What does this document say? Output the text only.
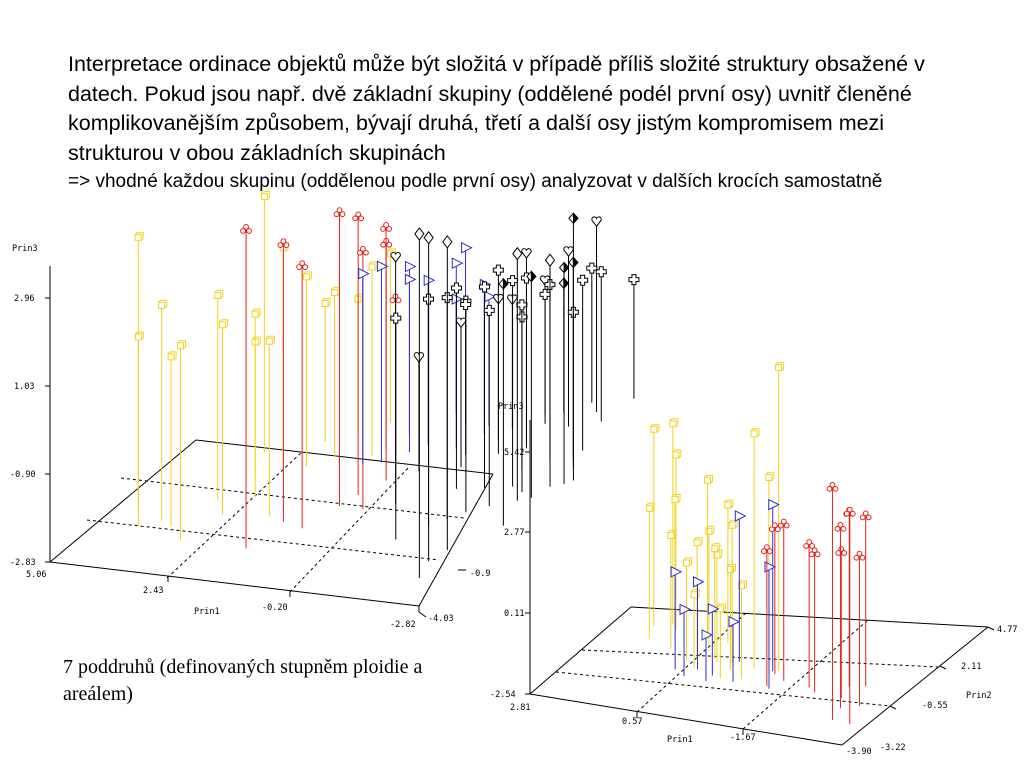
Interpretace ordinace objektů může být složitá v případě příliš složité struktury obsažené v datech. Pokud jsou např. dvě základní skupiny (oddělené podél první osy) uvnitř členěné komplikovanějším způsobem, bývají druhá, třetí a další osy jistým kompromisem mezi strukturou v obou základních skupinách

=> vhodné každou skupinu (oddělenou podle první osy) analyzovat v dalších krocích samostatně

Prin3
2.96
1.03
-0.90
-2.83
5.06
2.43
-0.20
-2.82
Prin1
-0.9
-4.03
Prin3
5.42
2.77
0.11
-2.54
2.81
0.57
-1.67
-3.90
Prin1
4.77
2.11
-0.55
-3.22
Prin2
7 poddruhů (definovaných stupněm ploidie a areálem)
